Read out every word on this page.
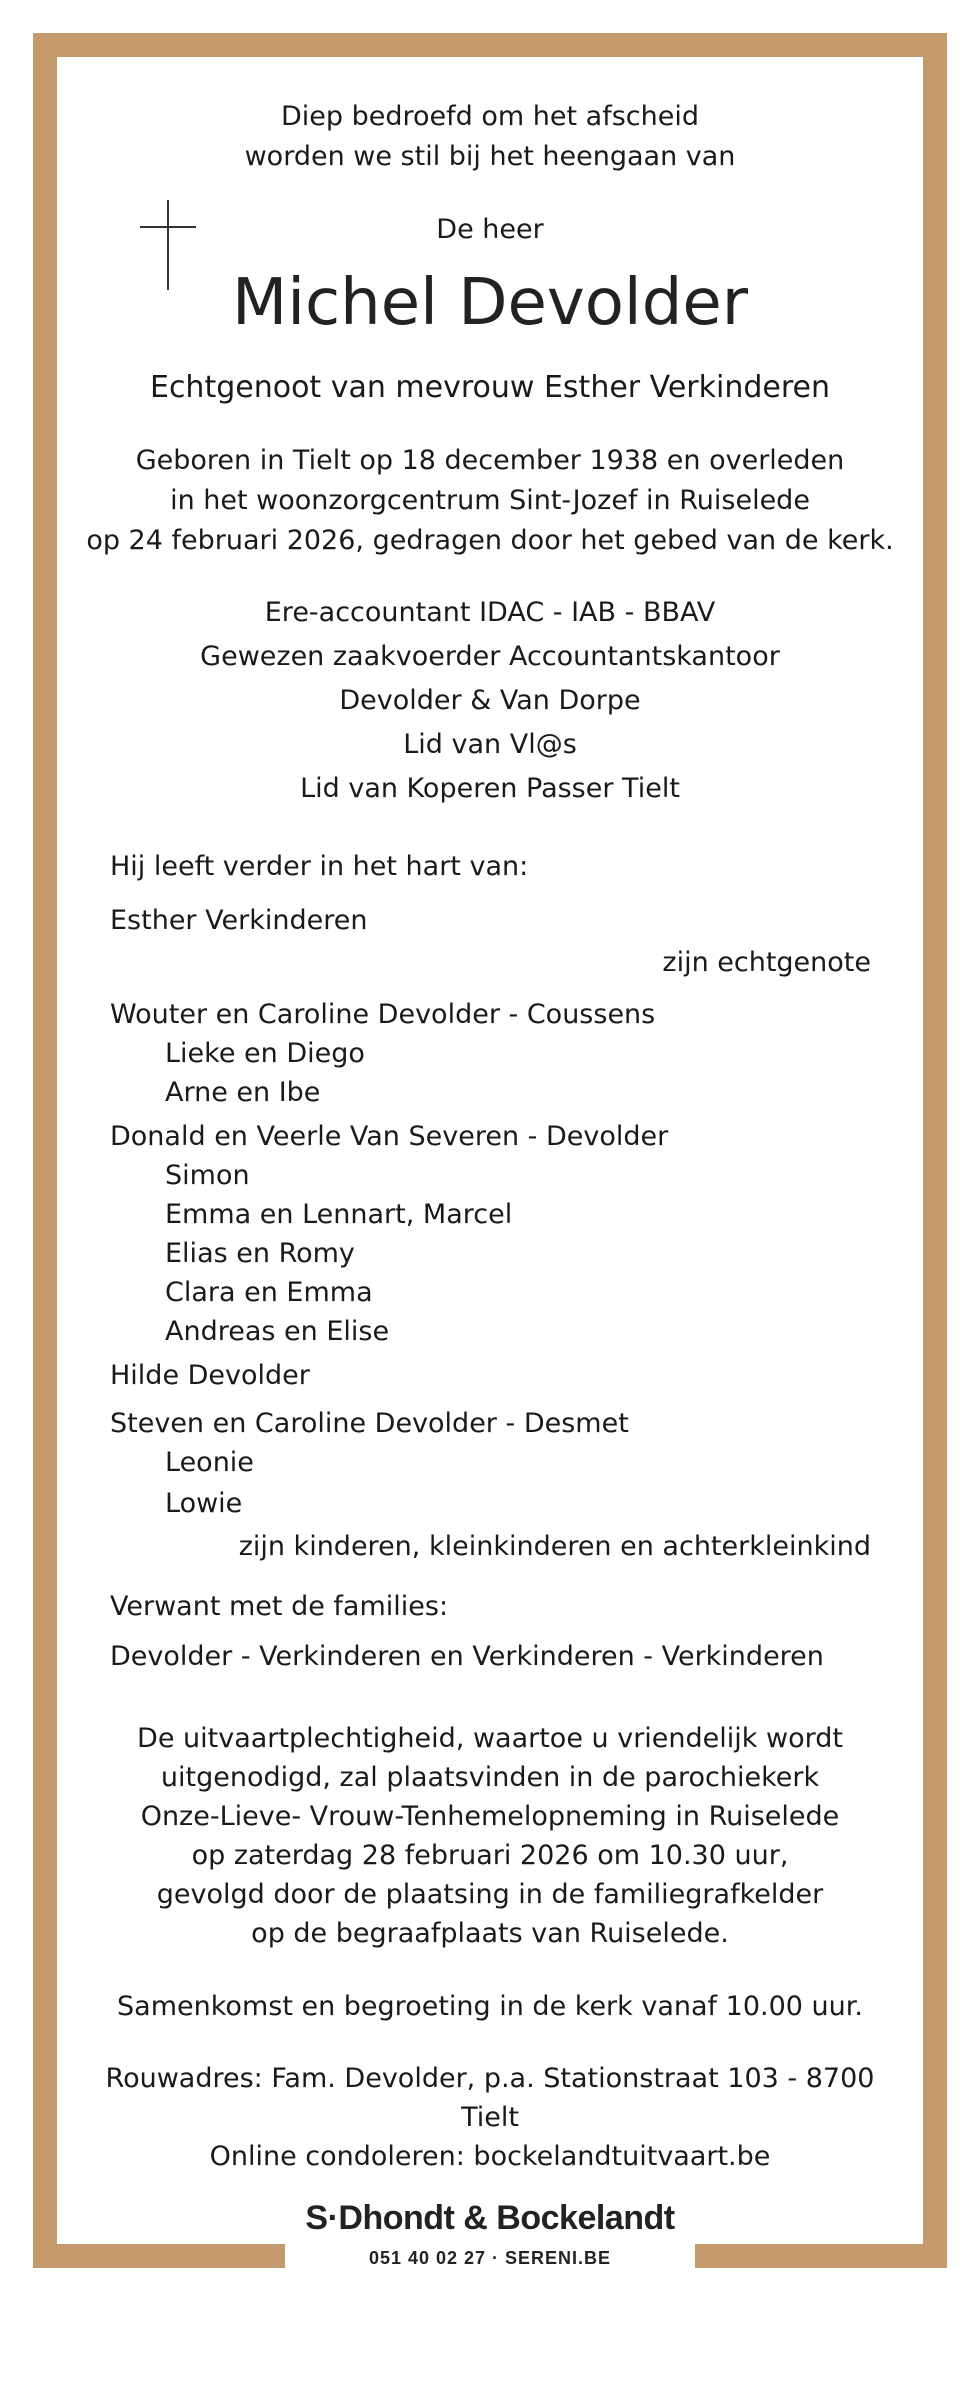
Diep bedroefd om het afscheid
worden we stil bij het heengaan van
De heer
Michel Devolder
Echtgenoot van mevrouw Esther Verkinderen
Geboren in Tielt op 18 december 1938 en overleden
in het woonzorgcentrum Sint-Jozef in Ruiselede
op 24 februari 2026, gedragen door het gebed van de kerk.
Ere-accountant IDAC - IAB - BBAV
Gewezen zaakvoerder Accountantskantoor
Devolder & Van Dorpe
Lid van Vl@s
Lid van Koperen Passer Tielt
Hij leeft verder in het hart van:
Esther Verkinderen
zijn echtgenote
Wouter en Caroline Devolder - Coussens
Lieke en Diego
Arne en Ibe
Donald en Veerle Van Severen - Devolder
Simon
Emma en Lennart, Marcel
Elias en Romy
Clara en Emma
Andreas en Elise
Hilde Devolder
Steven en Caroline Devolder - Desmet
Leonie
Lowie
zijn kinderen, kleinkinderen en achterkleinkind
Verwant met de families:
Devolder - Verkinderen en Verkinderen - Verkinderen
De uitvaartplechtigheid, waartoe u vriendelijk wordt
uitgenodigd, zal plaatsvinden in de parochiekerk
Onze-Lieve- Vrouw-Tenhemelopneming in Ruiselede
op zaterdag 28 februari 2026 om 10.30 uur,
gevolgd door de plaatsing in de familiegrafkelder
op de begraafplaats van Ruiselede.
Samenkomst en begroeting in de kerk vanaf 10.00 uur.
Rouwadres: Fam. Devolder, p.a. Stationstraat 103 - 8700 Tielt
Online condoleren: bockelandtuitvaart.be
S·Dhondt & Bockelandt
051 40 02 27 · SERENI.BE
